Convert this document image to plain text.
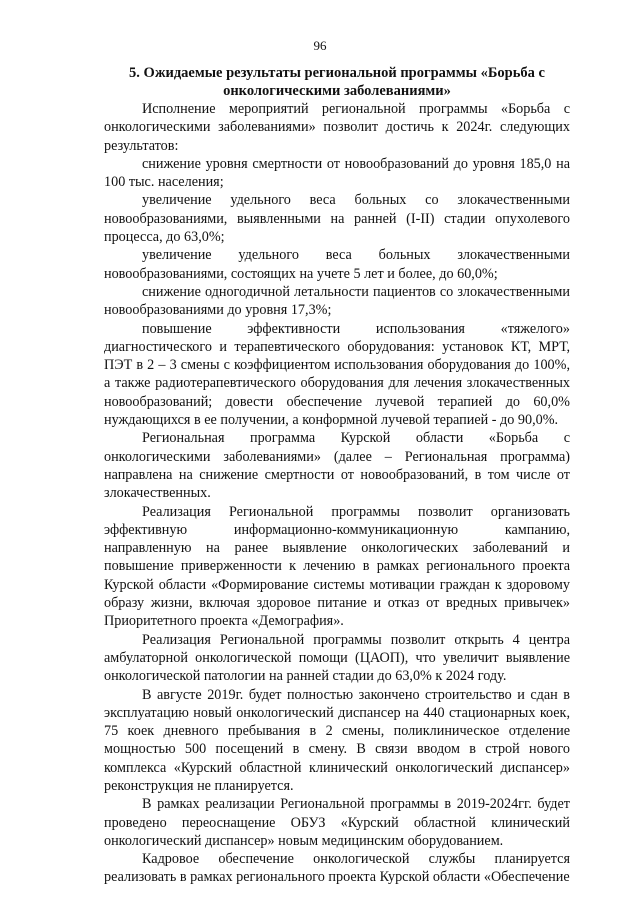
96
5. Ожидаемые результаты региональной программы «Борьба с онкологическими заболеваниями»

Исполнение мероприятий региональной программы «Борьба с онкологическими заболеваниями» позволит достичь к 2024г. следующих результатов:

снижение уровня смертности от новообразований до уровня 185,0 на 100 тыс. населения;

увеличение удельного веса больных со злокачественными новообразованиями, выявленными на ранней (I-II) стадии опухолевого процесса, до 63,0%;

увеличение удельного веса больных злокачественными новообразованиями, состоящих на учете 5 лет и более, до 60,0%;

снижение одногодичной летальности пациентов со злокачественными новообразованиями до уровня 17,3%;

повышение эффективности использования «тяжелого» диагностического и терапевтического оборудования: установок КТ, МРТ, ПЭТ в 2 – 3 смены с коэффициентом использования оборудования до 100%, а также радиотерапевтического оборудования для лечения злокачественных новообразований; довести обеспечение лучевой терапией до 60,0% нуждающихся в ее получении, а конформной лучевой терапией - до 90,0%.

Региональная программа Курской области «Борьба с онкологическими заболеваниями» (далее – Региональная программа) направлена на снижение смертности от новообразований, в том числе от злокачественных.

Реализация Региональной программы позволит организовать эффективную информационно-коммуникационную кампанию, направленную на ранее выявление онкологических заболеваний и повышение приверженности к лечению в рамках регионального проекта Курской области «Формирование системы мотивации граждан к здоровому образу жизни, включая здоровое питание и отказ от вредных привычек» Приоритетного проекта «Демография».

Реализация Региональной программы позволит открыть 4 центра амбулаторной онкологической помощи (ЦАОП), что увеличит выявление онкологической патологии на ранней стадии до 63,0% к 2024 году.

В августе 2019г. будет полностью закончено строительство и сдан в эксплуатацию новый онкологический диспансер на 440 стационарных коек, 75 коек дневного пребывания в 2 смены, поликлиническое отделение мощностью 500 посещений в смену. В связи вводом в строй нового комплекса «Курский областной клинический онкологический диспансер» реконструкция не планируется.

В рамках реализации Региональной программы в 2019-2024гг. будет проведено переоснащение ОБУЗ «Курский областной клинический онкологический диспансер» новым медицинским оборудованием.

Кадровое обеспечение онкологической службы планируется реализовать в рамках регионального проекта Курской области «Обеспечение
